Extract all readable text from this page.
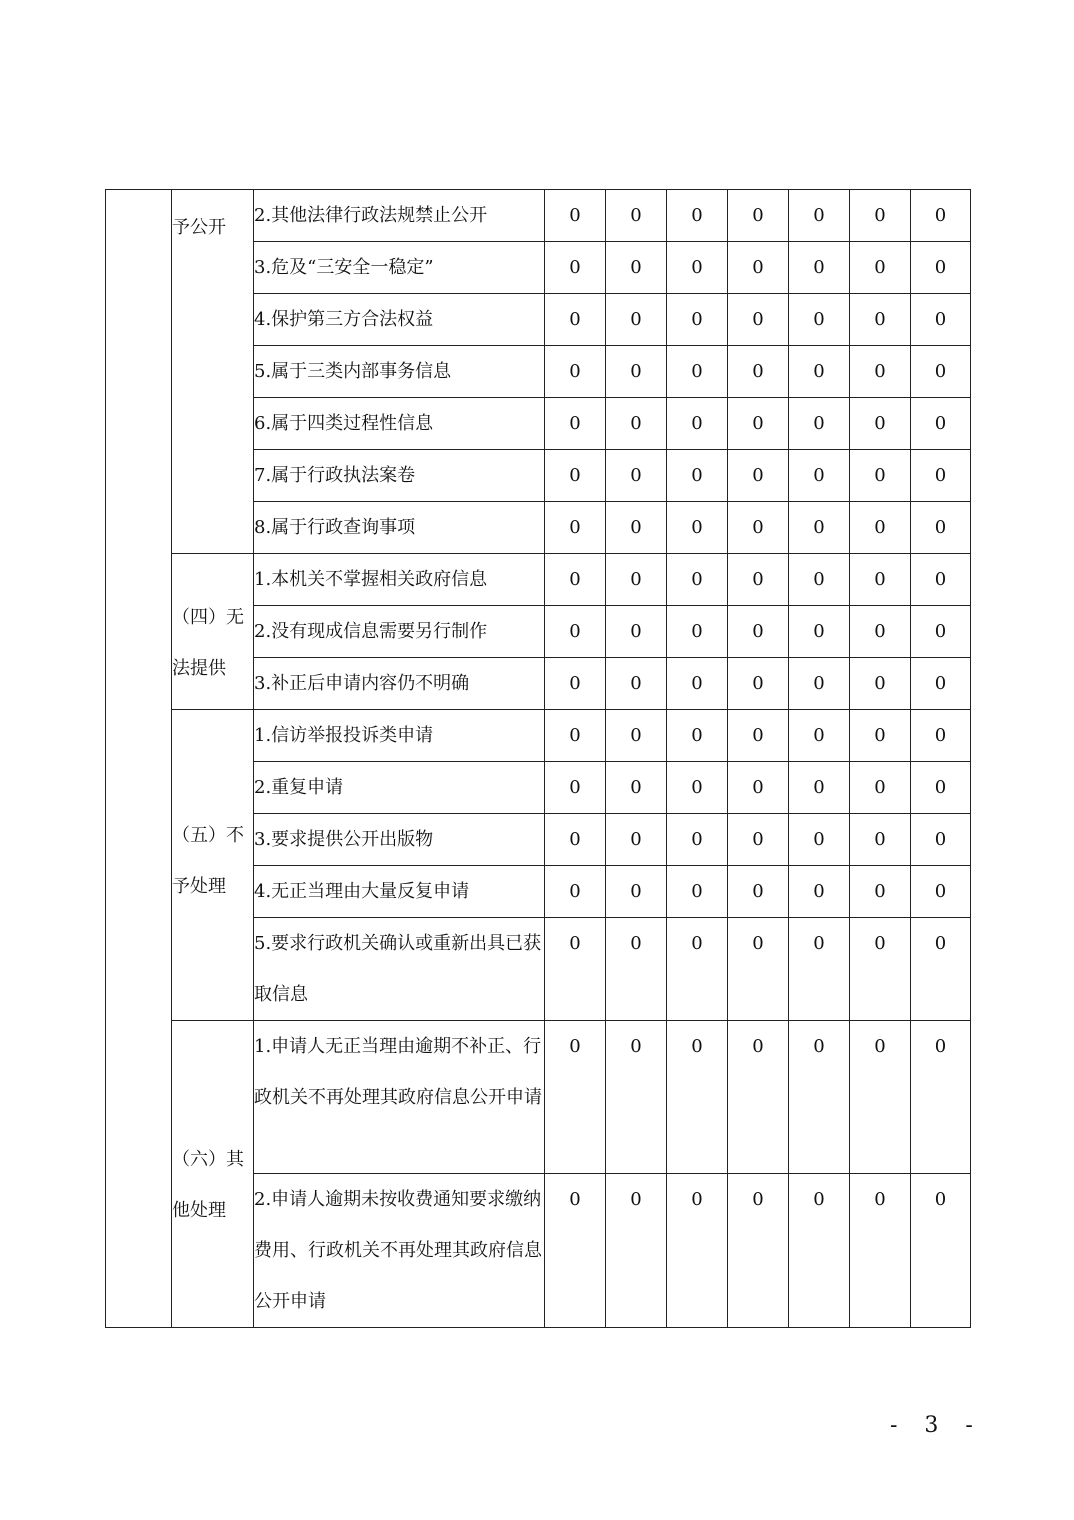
	予公开	2.其他法律行政法规禁止公开	0	0	0	0	0	0	0
		3.危及“三安全一稳定”	0	0	0	0	0	0	0
		4.保护第三方合法权益	0	0	0	0	0	0	0
		5.属于三类内部事务信息	0	0	0	0	0	0	0
		6.属于四类过程性信息	0	0	0	0	0	0	0
		7.属于行政执法案卷	0	0	0	0	0	0	0
		8.属于行政查询事项	0	0	0	0	0	0	0

	（四）无法提供	1.本机关不掌握相关政府信息	0	0	0	0	0	0	0
		2.没有现成信息需要另行制作	0	0	0	0	0	0	0
		3.补正后申请内容仍不明确	0	0	0	0	0	0	0

	（五）不予处理	1.信访举报投诉类申请	0	0	0	0	0	0	0
		2.重复申请	0	0	0	0	0	0	0
		3.要求提供公开出版物	0	0	0	0	0	0	0
		4.无正当理由大量反复申请	0	0	0	0	0	0	0
		5.要求行政机关确认或重新出具已获取信息	0	0	0	0	0	0	0

	（六）其他处理	1.申请人无正当理由逾期不补正、行政机关不再处理其政府信息公开申请	0	0	0	0	0	0	0
		2.申请人逾期未按收费通知要求缴纳费用、行政机关不再处理其政府信息公开申请	0	0	0	0	0	0	0
- 3 -
